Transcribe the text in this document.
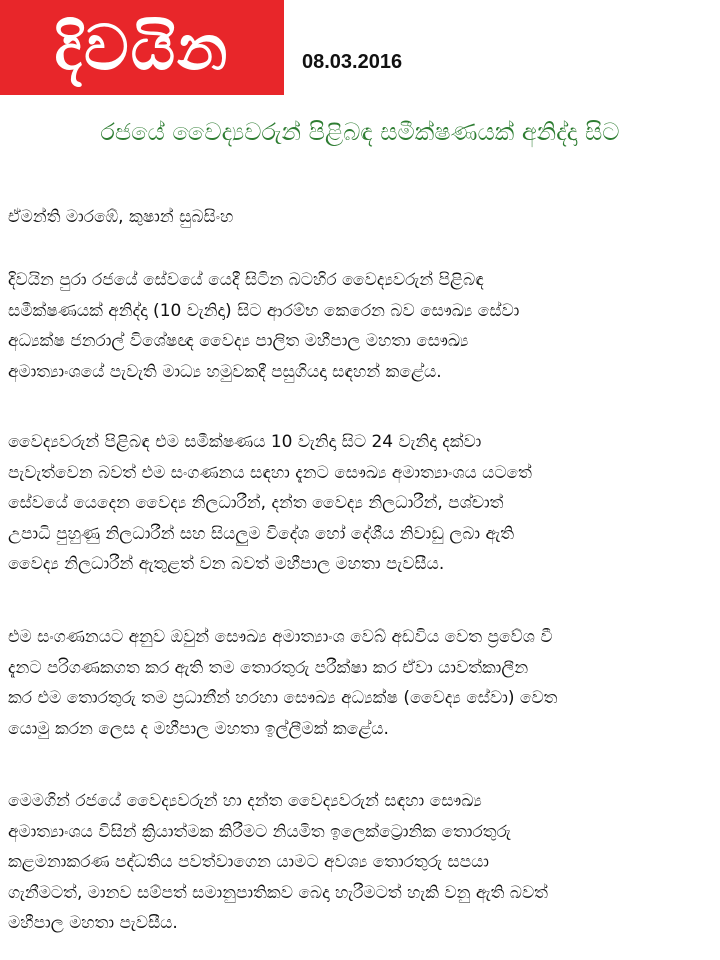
දිවයින	08.03.2016
රජයේ වෛද්‍යවරුන් පිළිබඳ සමීක්ෂණයක් අනිද්දා සිට
ඒමන්ති මාරඹේ, කුෂාන් සුබසිංහ
දිවයින පුරා රජයේ සේවයේ යෙදී සිටින බටහිර වෛද්‍යවරුන් පිළිබඳ
සමීක්ෂණයක් අනිද්දා (10 වැනිදා) සිට ආරම්භ කෙරෙන බව සෞඛ්‍ය සේවා
අධ්‍යක්ෂ ජනරාල් විශේෂඥ වෛද්‍ය පාලිත මහීපාල මහතා සෞඛ්‍ය
අමාත්‍යාංශයේ පැවැති මාධ්‍ය හමුවකදී පසුගියදා සඳහන් කළේය.
වෛද්‍යවරුන් පිළිබඳ එම සමීක්ෂණය 10 වැනිදා සිට 24 වැනිදා දක්වා
පැවැත්වෙන බවත් එම සංගණනය සඳහා දැනට සෞඛ්‍ය අමාත්‍යාංශය යටතේ
සේවයේ යෙදෙන වෛද්‍ය නිලධාරීන්, දන්ත වෛද්‍ය නිලධාරීන්, පශ්චාත්
උපාධි පුහුණු නිලධාරීන් සහ සියලුම විදේශ හෝ දේශීය නිවාඩු ලබා ඇති
වෛද්‍ය නිලධාරීන් ඇතුළත් වන බවත් මහීපාල මහතා පැවසීය.
එම සංගණනයට අනුව ඔවුන් සෞඛ්‍ය අමාත්‍යාංශ වෙබ් අඩවිය වෙත ප්‍රවේශ වී
දැනට පරිගණකගත කර ඇති තම තොරතුරු පරීක්ෂා කර ඒවා යාවත්කාලීන
කර එම තොරතුරු තම ප්‍රධානීන් හරහා සෞඛ්‍ය අධ්‍යක්ෂ (වෛද්‍ය සේවා) වෙත
යොමු කරන ලෙස ද මහීපාල මහතා ඉල්ලීමක් කළේය.
මෙමගින් රජයේ වෛද්‍යවරුන් හා දන්ත වෛද්‍යවරුන් සඳහා සෞඛ්‍ය
අමාත්‍යාංශය විසින් ක්‍රියාත්මක කිරීමට නියමිත ඉලෙක්ට්‍රොනික තොරතුරු
කළමනාකරණ පද්ධතිය පවත්වාගෙන යාමට අවශ්‍ය තොරතුරු සපයා
ගැනීමටත්, මානව සම්පත් සමානුපාතිකව බෙදා හැරීමටත් හැකි වනු ඇති බවත්
මහීපාල මහතා පැවසීය.
